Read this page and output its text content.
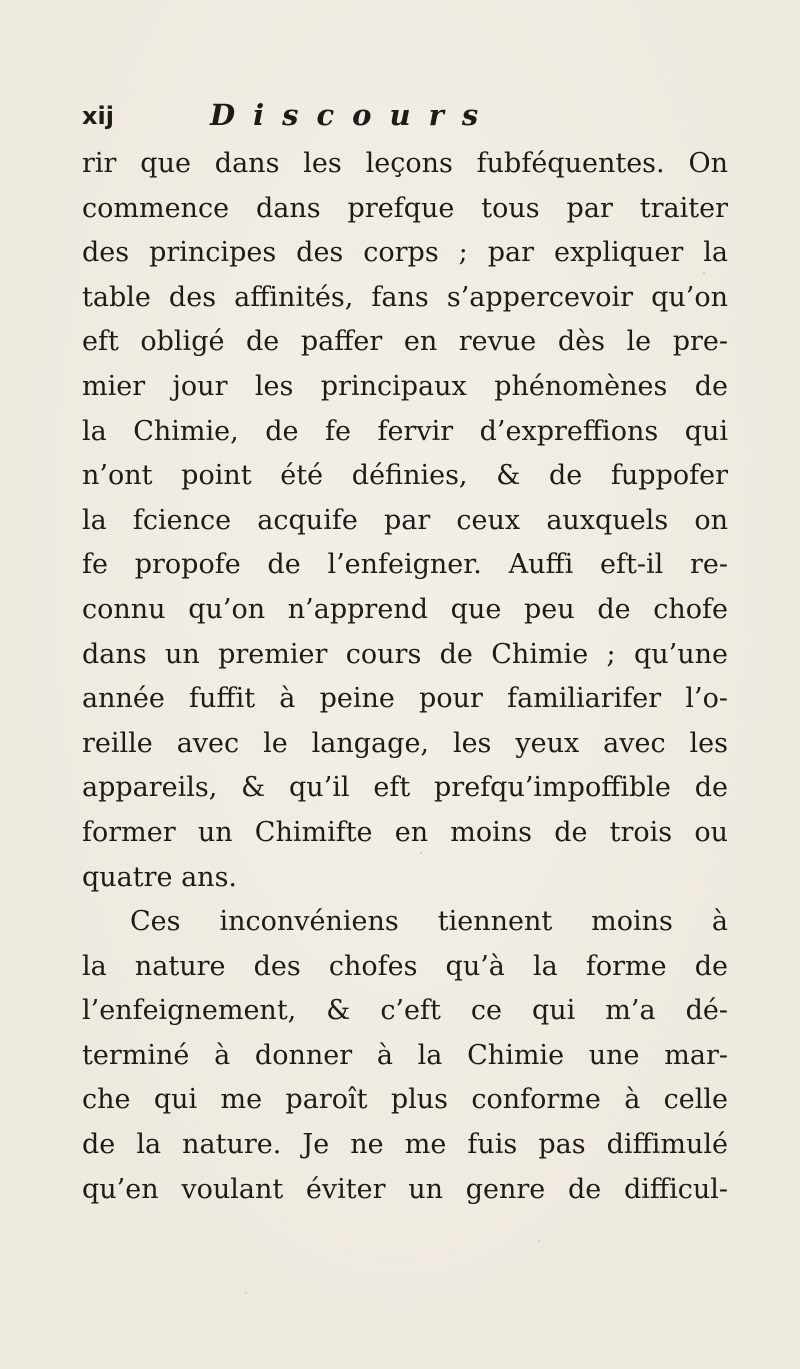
xij	Discours
rir que dans les leçons fubféquentes. On
commence dans prefque tous par traiter
des principes des corps ; par expliquer la
table des affinités, fans s’appercevoir qu’on
eft obligé de paffer en revue dès le pre-
mier jour les principaux phénomènes de
la Chimie, de fe fervir d’expreffions qui
n’ont point été définies, & de fuppofer
la fcience acquife par ceux auxquels on
fe propofe de l’enfeigner. Auffi eft-il re-
connu qu’on n’apprend que peu de chofe
dans un premier cours de Chimie ; qu’une
année fuffit à peine pour familiarifer l’o-
reille avec le langage, les yeux avec les
appareils, & qu’il eft prefqu’impoffible de
former un Chimifte en moins de trois ou
quatre ans.
Ces inconvéniens tiennent moins à
la nature des chofes qu’à la forme de
l’enfeignement, & c’eft ce qui m’a dé-
terminé à donner à la Chimie une mar-
che qui me paroît plus conforme à celle
de la nature. Je ne me fuis pas diffimulé
qu’en voulant éviter un genre de difficul-
